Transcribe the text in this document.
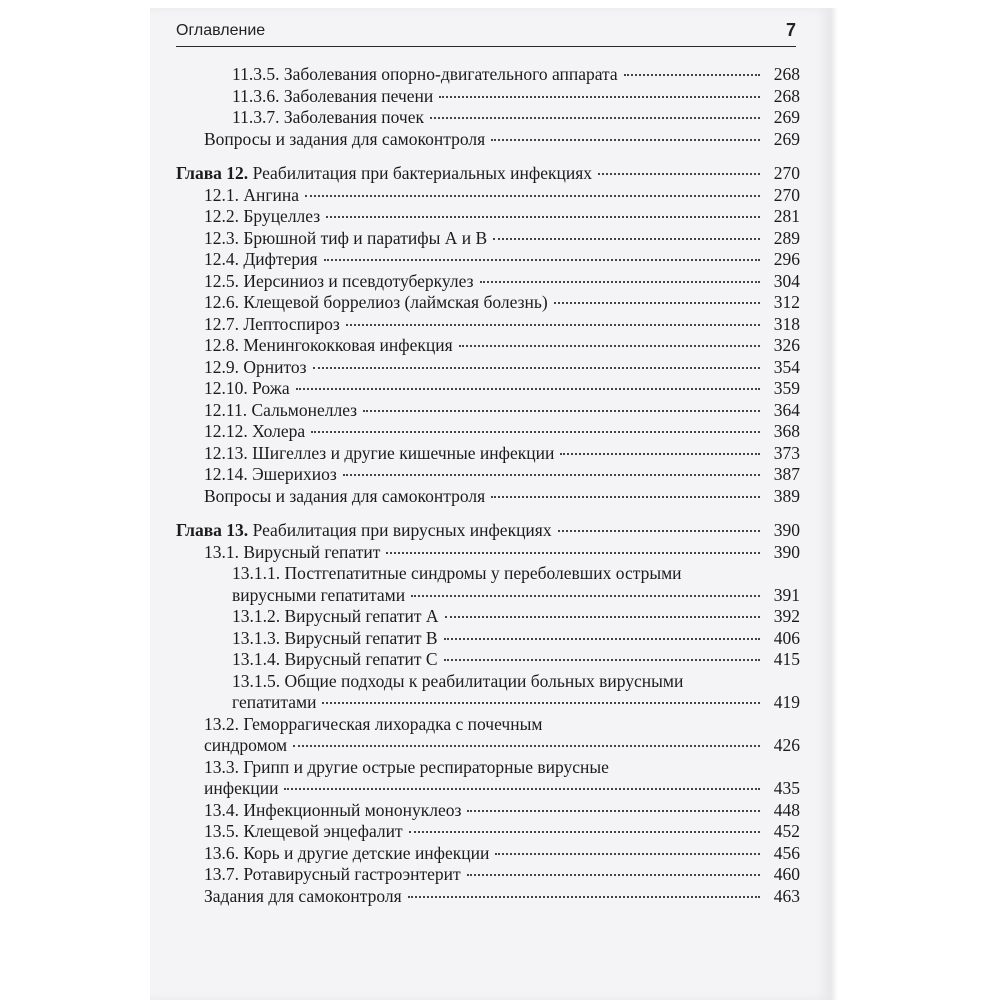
Оглавление	7
11.3.5. Заболевания опорно-двигательного аппарата	268
11.3.6. Заболевания печени	268
11.3.7. Заболевания почек	269
Вопросы и задания для самоконтроля	269
Глава 12. Реабилитация при бактериальных инфекциях	270
12.1. Ангина	270
12.2. Бруцеллез	281
12.3. Брюшной тиф и паратифы А и В	289
12.4. Дифтерия	296
12.5. Иерсиниоз и псевдотуберкулез	304
12.6. Клещевой боррелиоз (лаймская болезнь)	312
12.7. Лептоспироз	318
12.8. Менингококковая инфекция	326
12.9. Орнитоз	354
12.10. Рожа	359
12.11. Сальмонеллез	364
12.12. Холера	368
12.13. Шигеллез и другие кишечные инфекции	373
12.14. Эшерихиоз	387
Вопросы и задания для самоконтроля	389
Глава 13. Реабилитация при вирусных инфекциях	390
13.1. Вирусный гепатит	390
13.1.1. Постгепатитные синдромы у переболевших острыми
вирусными гепатитами	391
13.1.2. Вирусный гепатит А	392
13.1.3. Вирусный гепатит В	406
13.1.4. Вирусный гепатит С	415
13.1.5. Общие подходы к реабилитации больных вирусными
гепатитами	419
13.2. Геморрагическая лихорадка с почечным
синдромом	426
13.3. Грипп и другие острые респираторные вирусные
инфекции	435
13.4. Инфекционный мононуклеоз	448
13.5. Клещевой энцефалит	452
13.6. Корь и другие детские инфекции	456
13.7. Ротавирусный гастроэнтерит	460
Задания для самоконтроля	463
